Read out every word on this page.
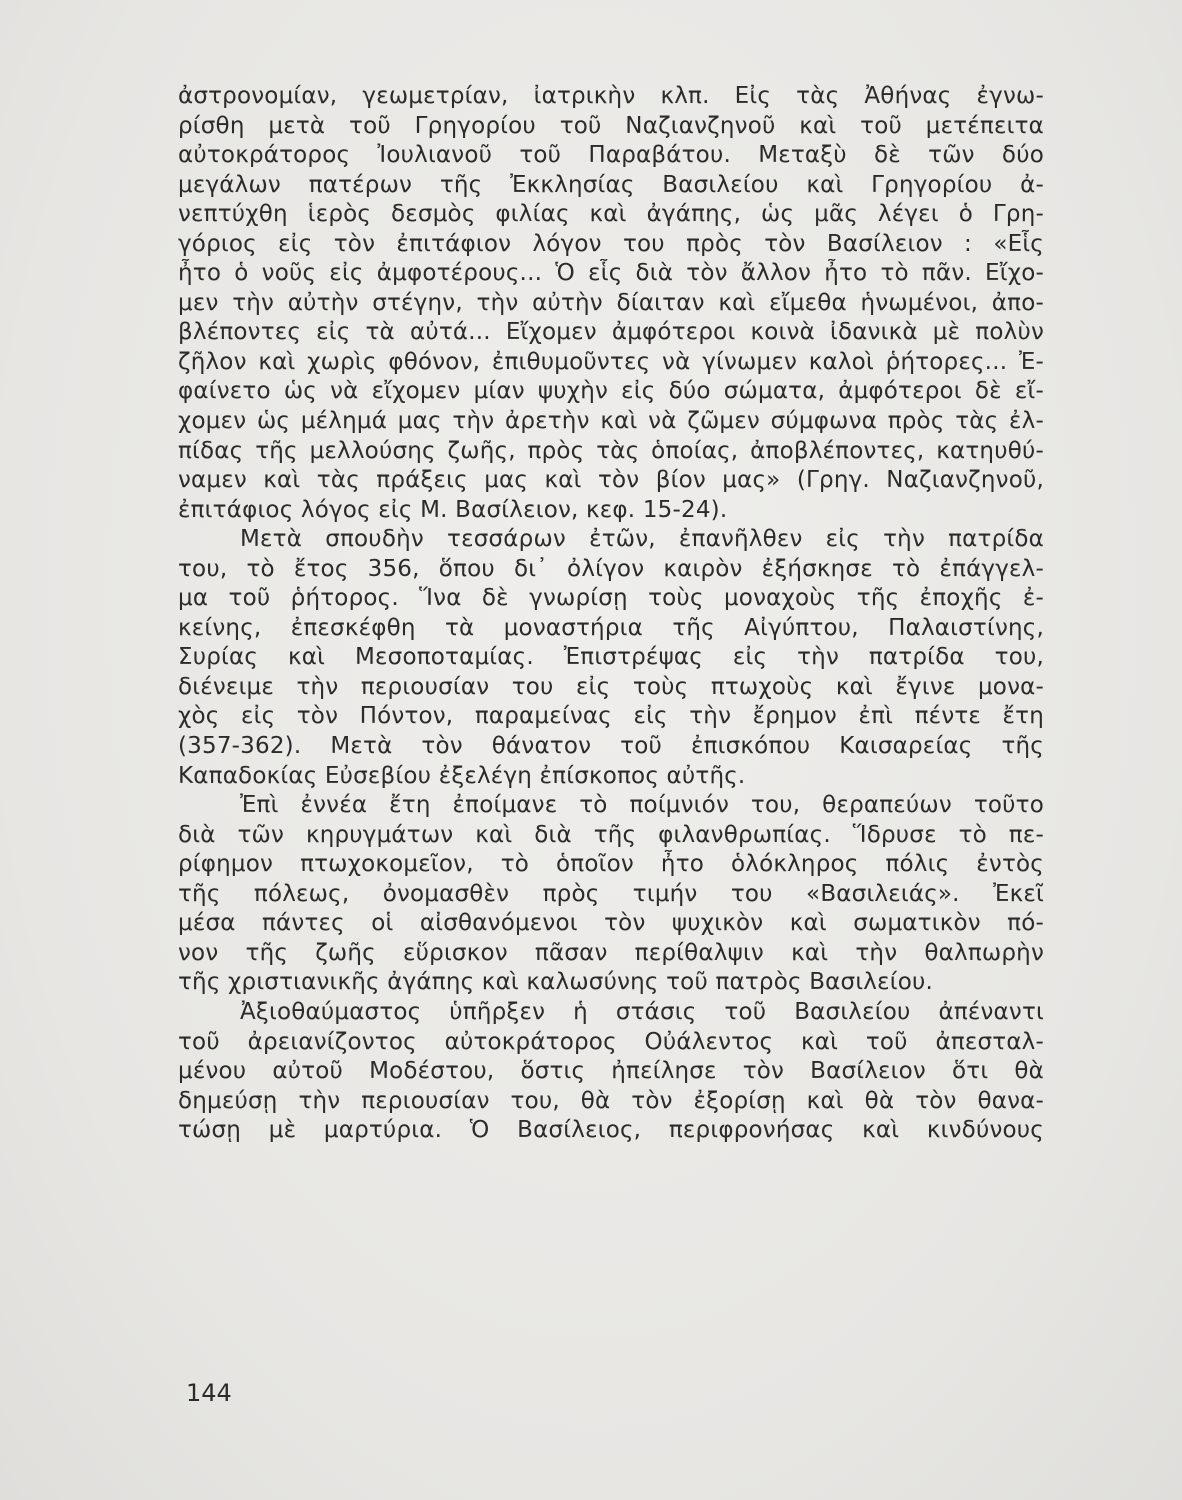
ἀστρονομίαν, γεωμετρίαν, ἰατρικὴν κλπ. Εἰς τὰς Ἀθήνας ἐγνω-
ρίσθη μετὰ τοῦ Γρηγορίου τοῦ Ναζιανζηνοῦ καὶ τοῦ μετέπειτα
αὐτοκράτορος Ἰουλιανοῦ τοῦ Παραβάτου. Μεταξὺ δὲ τῶν δύο
μεγάλων πατέρων τῆς Ἐκκλησίας Βασιλείου καὶ Γρηγορίου ἀ-
νεπτύχθη ἱερὸς δεσμὸς φιλίας καὶ ἀγάπης, ὡς μᾶς λέγει ὁ Γρη-
γόριος εἰς τὸν ἐπιτάφιον λόγον του πρὸς τὸν Βασίλειον : «Εἷς
ἦτο ὁ νοῦς εἰς ἀμφοτέρους... Ὁ εἷς διὰ τὸν ἄλλον ἦτο τὸ πᾶν. Εἴχο-
μεν τὴν αὐτὴν στέγην, τὴν αὐτὴν δίαιταν καὶ εἴμεθα ἡνωμένοι, ἀπο-
βλέποντες εἰς τὰ αὐτά... Εἴχομεν ἀμφότεροι κοινὰ ἰδανικὰ μὲ πολὺν
ζῆλον καὶ χωρὶς φθόνον, ἐπιθυμοῦντες νὰ γίνωμεν καλοὶ ῥήτορες... Ἐ-
φαίνετο ὡς νὰ εἴχομεν μίαν ψυχὴν εἰς δύο σώματα, ἀμφότεροι δὲ εἴ-
χομεν ὡς μέλημά μας τὴν ἀρετὴν καὶ νὰ ζῶμεν σύμφωνα πρὸς τὰς ἐλ-
πίδας τῆς μελλούσης ζωῆς, πρὸς τὰς ὁποίας, ἀποβλέποντες, κατηυθύ-
ναμεν καὶ τὰς πράξεις μας καὶ τὸν βίον μας» (Γρηγ. Ναζιανζηνοῦ,
ἐπιτάφιος λόγος εἰς Μ. Βασίλειον, κεφ. 15-24).
Μετὰ σπουδὴν τεσσάρων ἐτῶν, ἐπανῆλθεν εἰς τὴν πατρίδα
του, τὸ ἔτος 356, ὅπου δι᾿ ὀλίγον καιρὸν ἐξήσκησε τὸ ἐπάγγελ-
μα τοῦ ῥήτορος. Ἵνα δὲ γνωρίσῃ τοὺς μοναχοὺς τῆς ἐποχῆς ἐ-
κείνης, ἐπεσκέφθη τὰ μοναστήρια τῆς Αἰγύπτου, Παλαιστίνης,
Συρίας καὶ Μεσοποταμίας. Ἐπιστρέψας εἰς τὴν πατρίδα του,
διένειμε τὴν περιουσίαν του εἰς τοὺς πτωχοὺς καὶ ἔγινε μονα-
χὸς εἰς τὸν Πόντον, παραμείνας εἰς τὴν ἔρημον ἐπὶ πέντε ἔτη
(357-362). Μετὰ τὸν θάνατον τοῦ ἐπισκόπου Καισαρείας τῆς
Καπαδοκίας Εὐσεβίου ἐξελέγη ἐπίσκοπος αὐτῆς.
Ἐπὶ ἐννέα ἔτη ἐποίμανε τὸ ποίμνιόν του, θεραπεύων τοῦτο
διὰ τῶν κηρυγμάτων καὶ διὰ τῆς φιλανθρωπίας. Ἵδρυσε τὸ πε-
ρίφημον πτωχοκομεῖον, τὸ ὁποῖον ἦτο ὁλόκληρος πόλις ἐντὸς
τῆς πόλεως, ὀνομασθὲν πρὸς τιμήν του «Βασιλειάς». Ἐκεῖ
μέσα πάντες οἱ αἰσθανόμενοι τὸν ψυχικὸν καὶ σωματικὸν πό-
νον τῆς ζωῆς εὕρισκον πᾶσαν περίθαλψιν καὶ τὴν θαλπωρὴν
τῆς χριστιανικῆς ἀγάπης καὶ καλωσύνης τοῦ πατρὸς Βασιλείου.
Ἀξιοθαύμαστος ὑπῆρξεν ἡ στάσις τοῦ Βασιλείου ἀπέναντι
τοῦ ἀρειανίζοντος αὐτοκράτορος Οὐάλεντος καὶ τοῦ ἀπεσταλ-
μένου αὐτοῦ Μοδέστου, ὅστις ἠπείλησε τὸν Βασίλειον ὅτι θὰ
δημεύσῃ τὴν περιουσίαν του, θὰ τὸν ἐξορίσῃ καὶ θὰ τὸν θανα-
τώσῃ μὲ μαρτύρια. Ὁ Βασίλειος, περιφρονήσας καὶ κινδύνους
144
